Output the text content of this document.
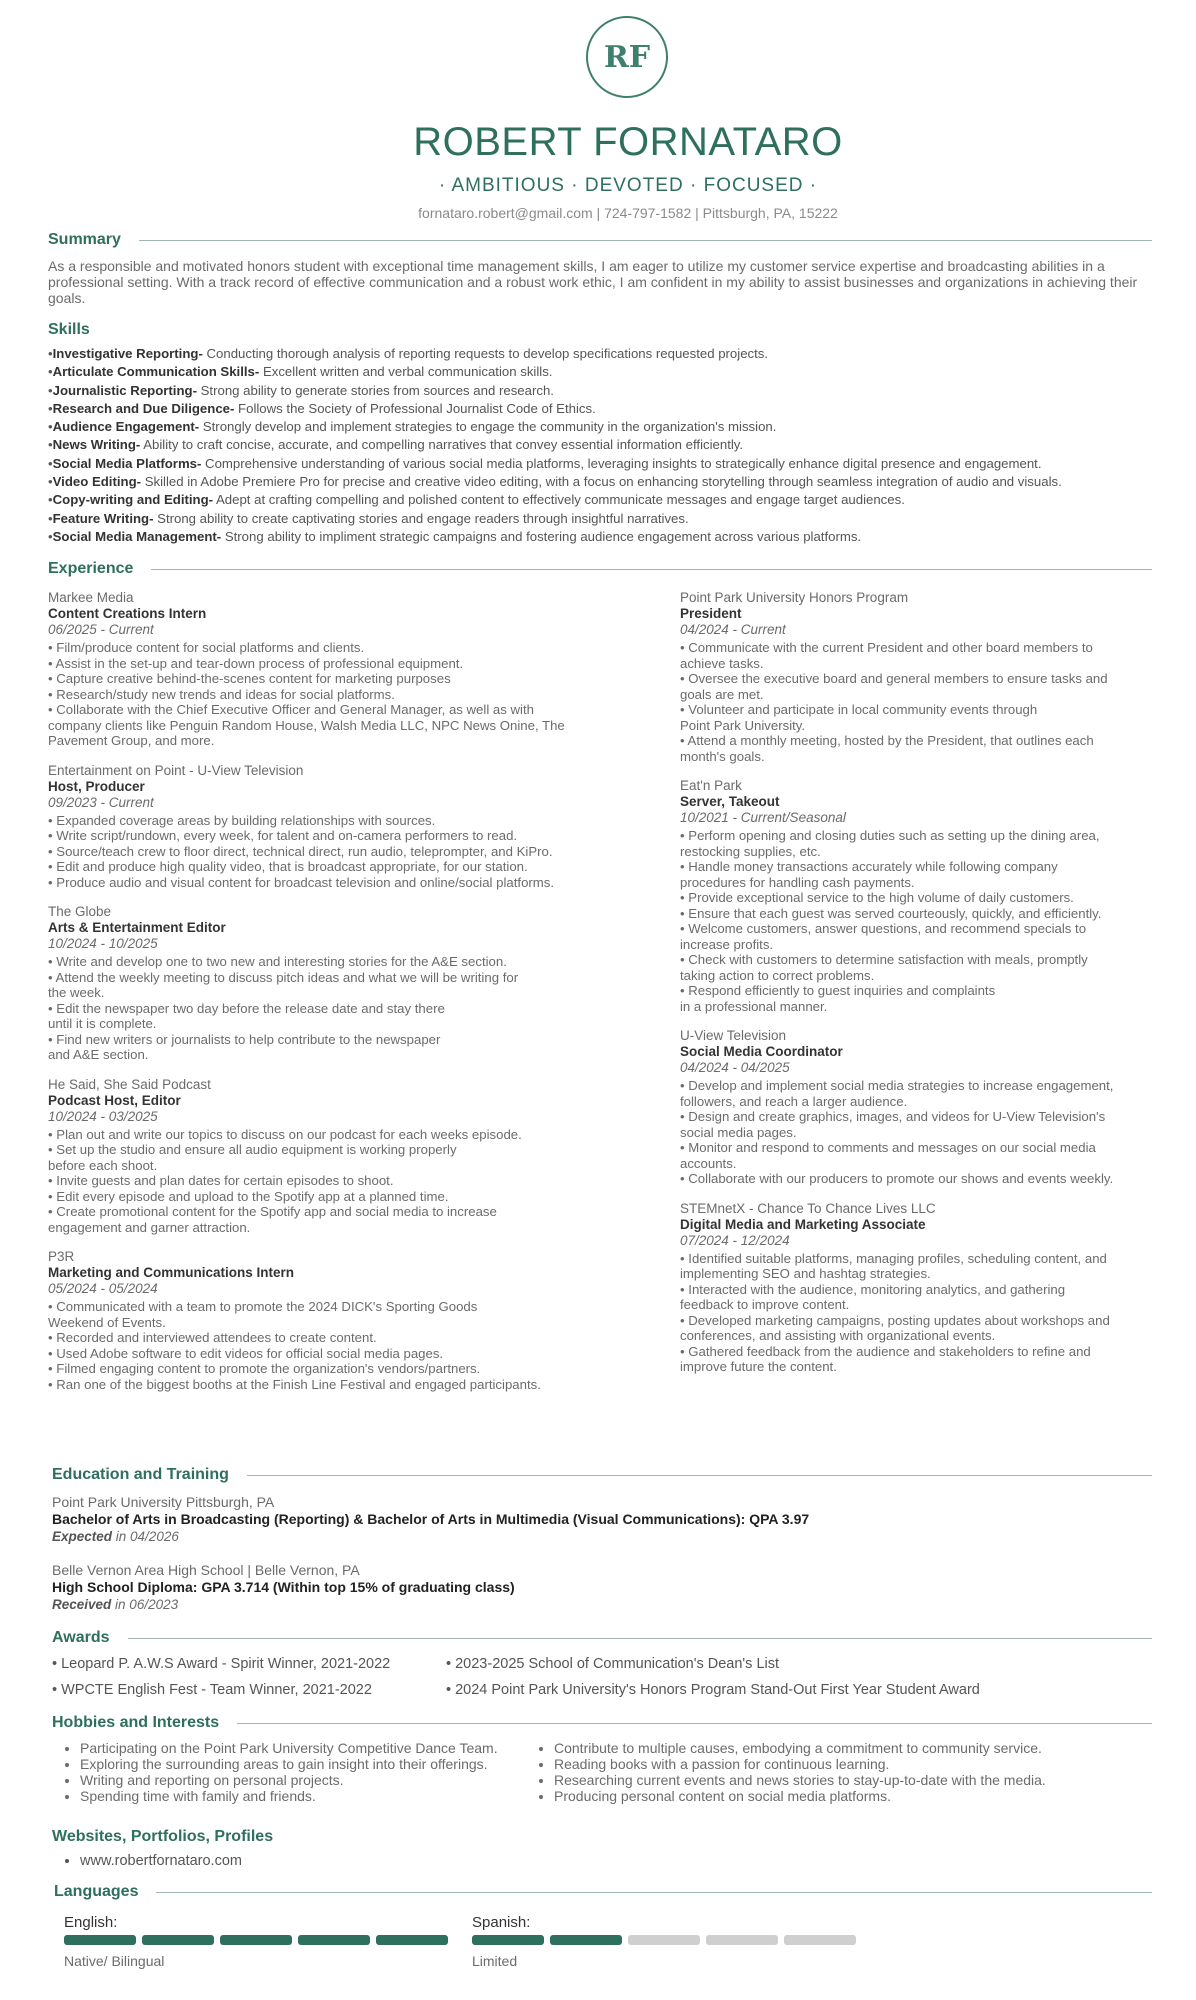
RF
ROBERT FORNATARO
· AMBITIOUS · DEVOTED · FOCUSED ·
fornataro.robert@gmail.com | 724-797-1582 | Pittsburgh, PA, 15222
Summary
As a responsible and motivated honors student with exceptional time management skills, I am eager to utilize my customer service expertise and broadcasting abilities in a professional setting. With a track record of effective communication and a robust work ethic, I am confident in my ability to assist businesses and organizations in achieving their goals.
Skills
•Investigative Reporting- Conducting thorough analysis of reporting requests to develop specifications requested projects.
•Articulate Communication Skills- Excellent written and verbal communication skills.
•Journalistic Reporting- Strong ability to generate stories from sources and research.
•Research and Due Diligence- Follows the Society of Professional Journalist Code of Ethics.
•Audience Engagement- Strongly develop and implement strategies to engage the community in the organization's mission.
•News Writing- Ability to craft concise, accurate, and compelling narratives that convey essential information efficiently.
•Social Media Platforms- Comprehensive understanding of various social media platforms, leveraging insights to strategically enhance digital presence and engagement.
•Video Editing- Skilled in Adobe Premiere Pro for precise and creative video editing, with a focus on enhancing storytelling through seamless integration of audio and visuals.
•Copy-writing and Editing- Adept at crafting compelling and polished content to effectively communicate messages and engage target audiences.
•Feature Writing- Strong ability to create captivating stories and engage readers through insightful narratives.
•Social Media Management- Strong ability to impliment strategic campaigns and fostering audience engagement across various platforms.
Experience
Markee Media
Content Creations Intern
06/2025 - Current
• Film/produce content for social platforms and clients.
• Assist in the set-up and tear-down process of professional equipment.
• Capture creative behind-the-scenes content for marketing purposes
• Research/study new trends and ideas for social platforms.
• Collaborate with the Chief Executive Officer and General Manager, as well as with
company clients like Penguin Random House, Walsh Media LLC, NPC News Onine, The
Pavement Group, and more.
Entertainment on Point - U-View Television
Host, Producer
09/2023 - Current
• Expanded coverage areas by building relationships with sources.
• Write script/rundown, every week, for talent and on-camera performers to read.
• Source/teach crew to floor direct, technical direct, run audio, teleprompter, and KiPro.
• Edit and produce high quality video, that is broadcast appropriate, for our station.
• Produce audio and visual content for broadcast television and online/social platforms.
The Globe
Arts & Entertainment Editor
10/2024 - 10/2025
• Write and develop one to two new and interesting stories for the A&E section.
• Attend the weekly meeting to discuss pitch ideas and what we will be writing for
the week.
• Edit the newspaper two day before the release date and stay there
until it is complete.
• Find new writers or journalists to help contribute to the newspaper
and A&E section.
He Said, She Said Podcast
Podcast Host, Editor
10/2024 - 03/2025
• Plan out and write our topics to discuss on our podcast for each weeks episode.
• Set up the studio and ensure all audio equipment is working properly
before each shoot.
• Invite guests and plan dates for certain episodes to shoot.
• Edit every episode and upload to the Spotify app at a planned time.
• Create promotional content for the Spotify app and social media to increase
engagement and garner attraction.
P3R
Marketing and Communications Intern
05/2024 - 05/2024
• Communicated with a team to promote the 2024 DICK's Sporting Goods
Weekend of Events.
• Recorded and interviewed attendees to create content.
• Used Adobe software to edit videos for official social media pages.
• Filmed engaging content to promote the organization's vendors/partners.
• Ran one of the biggest booths at the Finish Line Festival and engaged participants.
Point Park University Honors Program
President
04/2024 - Current
• Communicate with the current President and other board members to
achieve tasks.
• Oversee the executive board and general members to ensure tasks and
goals are met.
• Volunteer and participate in local community events through
Point Park University.
• Attend a monthly meeting, hosted by the President, that outlines each
month's goals.
Eat'n Park
Server, Takeout
10/2021 - Current/Seasonal
• Perform opening and closing duties such as setting up the dining area,
restocking supplies, etc.
• Handle money transactions accurately while following company
procedures for handling cash payments.
• Provide exceptional service to the high volume of daily customers.
• Ensure that each guest was served courteously, quickly, and efficiently.
• Welcome customers, answer questions, and recommend specials to
increase profits.
• Check with customers to determine satisfaction with meals, promptly
taking action to correct problems.
• Respond efficiently to guest inquiries and complaints
in a professional manner.
U-View Television
Social Media Coordinator
04/2024 - 04/2025
• Develop and implement social media strategies to increase engagement,
followers, and reach a larger audience.
• Design and create graphics, images, and videos for U-View Television's
social media pages.
• Monitor and respond to comments and messages on our social media
accounts.
• Collaborate with our producers to promote our shows and events weekly.
STEMnetX - Chance To Chance Lives LLC
Digital Media and Marketing Associate
07/2024 - 12/2024
• Identified suitable platforms, managing profiles, scheduling content, and
implementing SEO and hashtag strategies.
• Interacted with the audience, monitoring analytics, and gathering
feedback to improve content.
• Developed marketing campaigns, posting updates about workshops and
conferences, and assisting with organizational events.
• Gathered feedback from the audience and stakeholders to refine and
improve future the content.
Education and Training
Point Park University Pittsburgh, PA
Bachelor of Arts in Broadcasting (Reporting) & Bachelor of Arts in Multimedia (Visual Communications): QPA 3.97
Expected in 04/2026
Belle Vernon Area High School | Belle Vernon, PA
High School Diploma: GPA 3.714 (Within top 15% of graduating class)
Received in 06/2023
Awards
• Leopard P. A.W.S Award - Spirit Winner, 2021-2022	• 2023-2025 School of Communication's Dean's List
• WPCTE English Fest - Team Winner, 2021-2022	• 2024 Point Park University's Honors Program Stand-Out First Year Student Award
Hobbies and Interests
• Participating on the Point Park University Competitive Dance Team.
• Exploring the surrounding areas to gain insight into their offerings.
• Writing and reporting on personal projects.
• Spending time with family and friends.
• Contribute to multiple causes, embodying a commitment to community service.
• Reading books with a passion for continuous learning.
• Researching current events and news stories to stay-up-to-date with the media.
• Producing personal content on social media platforms.
Websites, Portfolios, Profiles
• www.robertfornataro.com
Languages
English:
Native/ Bilingual
Spanish:
Limited
